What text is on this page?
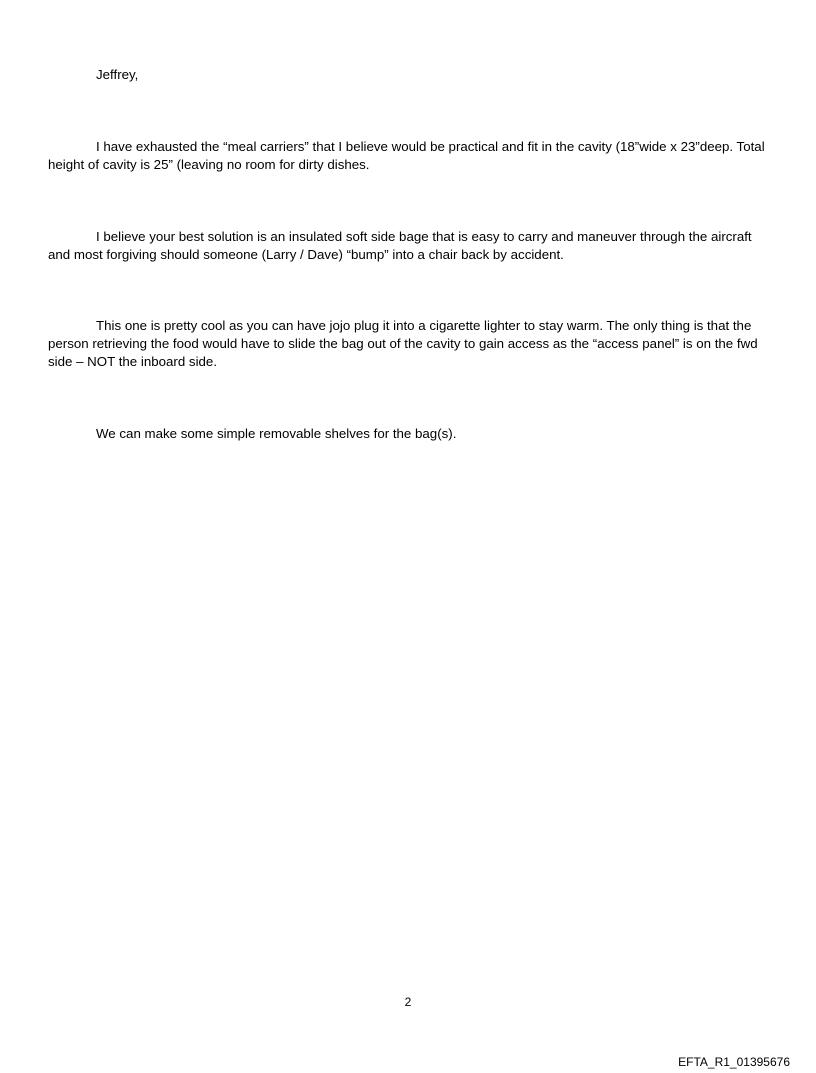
Jeffrey,

I have exhausted the “meal carriers” that I believe would be practical and fit in the cavity (18”wide x 23”deep. Total height of cavity is 25” (leaving no room for dirty dishes.

I believe your best solution is an insulated soft side bage that is easy to carry and maneuver through the aircraft and most forgiving should someone (Larry / Dave) “bump” into a chair back by accident.

This one is pretty cool as you can have jojo plug it into a cigarette lighter to stay warm. The only thing is that the person retrieving the food would have to slide the bag out of the cavity to gain access as the “access panel” is on the fwd side – NOT the inboard side.

We can make some simple removable shelves for the bag(s).

2

EFTA_R1_01395676
